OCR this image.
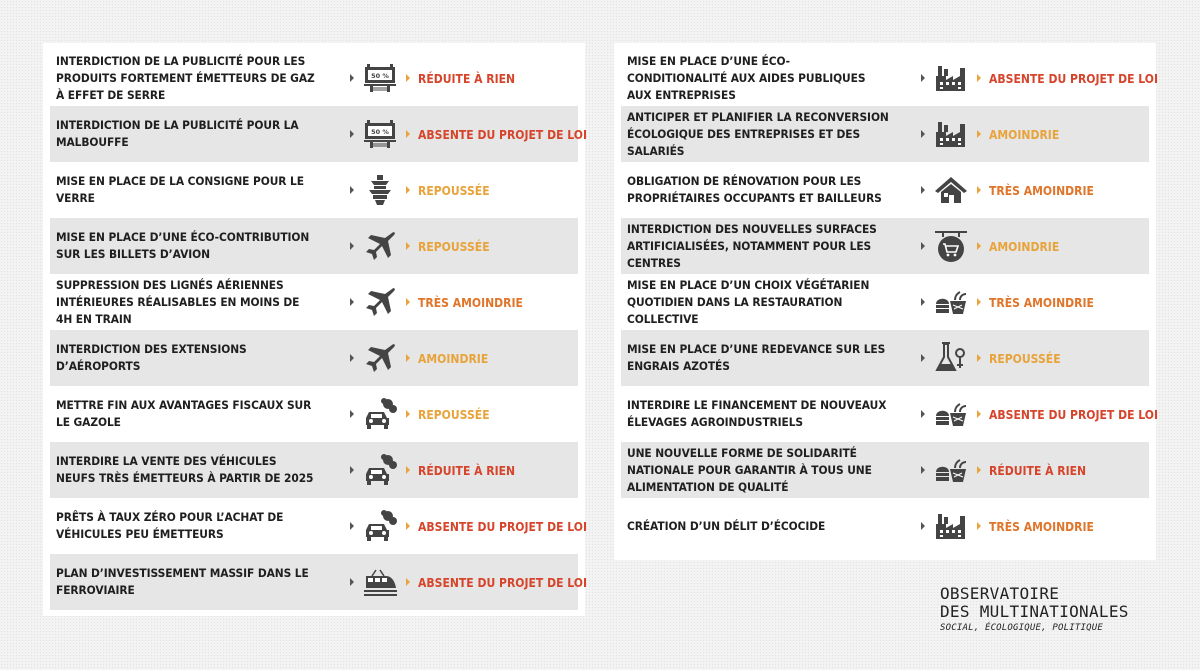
INTERDICTION DE LA PUBLICITÉ POUR LES PRODUITS FORTEMENT ÉMETTEURS DE GAZ À EFFET DE SERRE
50 % RÉDUITE À RIEN
INTERDICTION DE LA PUBLICITÉ POUR LA MALBOUFFE
50 % ABSENTE DU PROJET DE LOI
MISE EN PLACE DE LA CONSIGNE POUR LE VERRE
REPOUSSÉE
MISE EN PLACE D’UNE ÉCO-CONTRIBUTION SUR LES BILLETS D’AVION
REPOUSSÉE
SUPPRESSION DES LIGNÉS AÉRIENNES INTÉRIEURES RÉALISABLES EN MOINS DE 4H EN TRAIN
TRÈS AMOINDRIE
INTERDICTION DES EXTENSIONS D’AÉROPORTS
AMOINDRIE
METTRE FIN AUX AVANTAGES FISCAUX SUR LE GAZOLE
REPOUSSÉE
INTERDIRE LA VENTE DES VÉHICULES NEUFS TRÈS ÉMETTEURS À PARTIR DE 2025
RÉDUITE À RIEN
PRÊTS À TAUX ZÉRO POUR L’ACHAT DE VÉHICULES PEU ÉMETTEURS
ABSENTE DU PROJET DE LOI
PLAN D’INVESTISSEMENT MASSIF DANS LE FERROVIAIRE
ABSENTE DU PROJET DE LOI
MISE EN PLACE D’UNE ÉCO-CONDITIONALITÉ AUX AIDES PUBLIQUES AUX ENTREPRISES
ABSENTE DU PROJET DE LOI
ANTICIPER ET PLANIFIER LA RECONVERSION ÉCOLOGIQUE DES ENTREPRISES ET DES SALARIÉS
AMOINDRIE
OBLIGATION DE RÉNOVATION POUR LES PROPRIÉTAIRES OCCUPANTS ET BAILLEURS
TRÈS AMOINDRIE
INTERDICTION DES NOUVELLES SURFACES ARTIFICIALISÉES, NOTAMMENT POUR LES CENTRES
AMOINDRIE
MISE EN PLACE D’UN CHOIX VÉGÉTARIEN QUOTIDIEN DANS LA RESTAURATION COLLECTIVE
TRÈS AMOINDRIE
MISE EN PLACE D’UNE REDEVANCE SUR LES ENGRAIS AZOTÉS
REPOUSSÉE
INTERDIRE LE FINANCEMENT DE NOUVEAUX ÉLEVAGES AGROINDUSTRIELS
ABSENTE DU PROJET DE LOI
UNE NOUVELLE FORME DE SOLIDARITÉ NATIONALE POUR GARANTIR À TOUS UNE ALIMENTATION DE QUALITÉ
RÉDUITE À RIEN
CRÉATION D’UN DÉLIT D’ÉCOCIDE	TRÈS AMOINDRIE
OBSERVATOIRE
DES MULTINATIONALES
SOCIAL, ÉCOLOGIQUE, POLITIQUE
